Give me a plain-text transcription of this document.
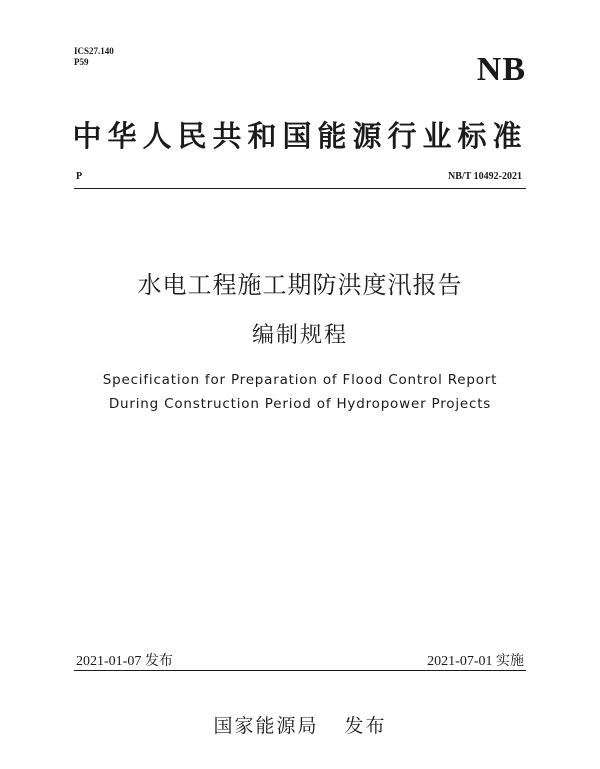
ICS27.140
P59	NB
中华人民共和国能源行业标准
P	NB/T 10492-2021
水电工程施工期防洪度汛报告
编制规程
Specification for Preparation of Flood Control Report
During Construction Period of Hydropower Projects
2021-01-07 发布	2021-07-01 实施
国家能源局 发布
